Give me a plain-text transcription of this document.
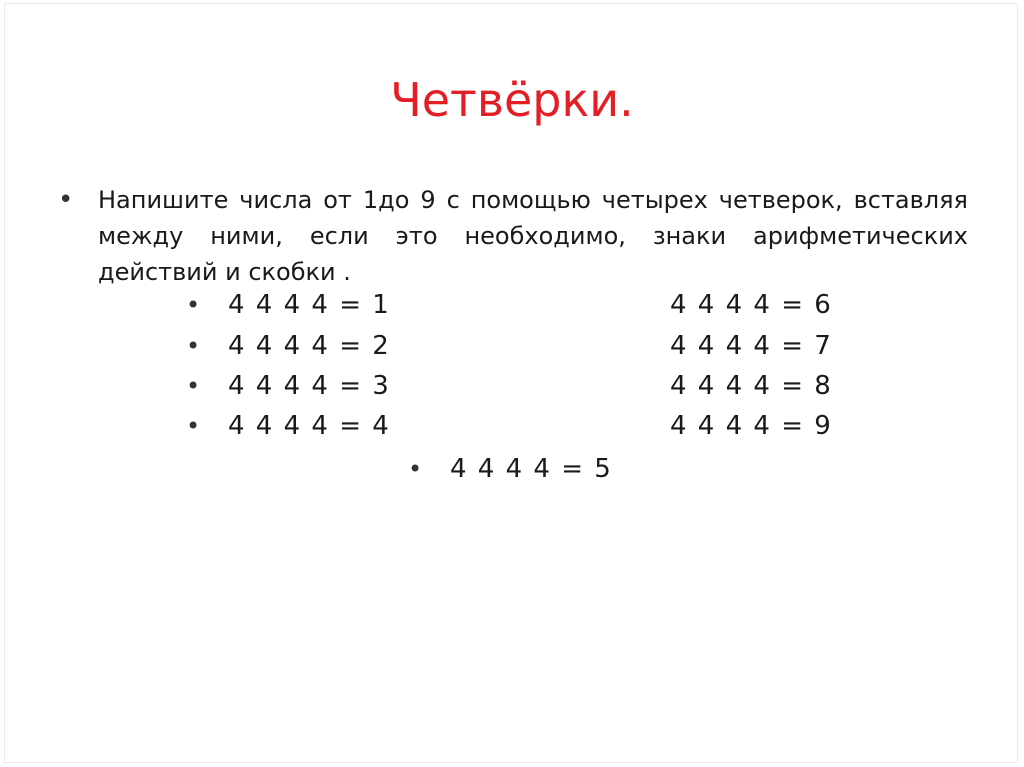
Четвёрки.
• Напишите числа от 1до 9 с помощью четырех четверок, вставляя между ними, если это необходимо, знаки арифметических действий и скобки .
• 4 4 4 4 = 1
• 4 4 4 4 = 2
• 4 4 4 4 = 3
• 4 4 4 4 = 4
• 4 4 4 4 = 5
4 4 4 4 = 6
4 4 4 4 = 7
4 4 4 4 = 8
4 4 4 4 = 9
